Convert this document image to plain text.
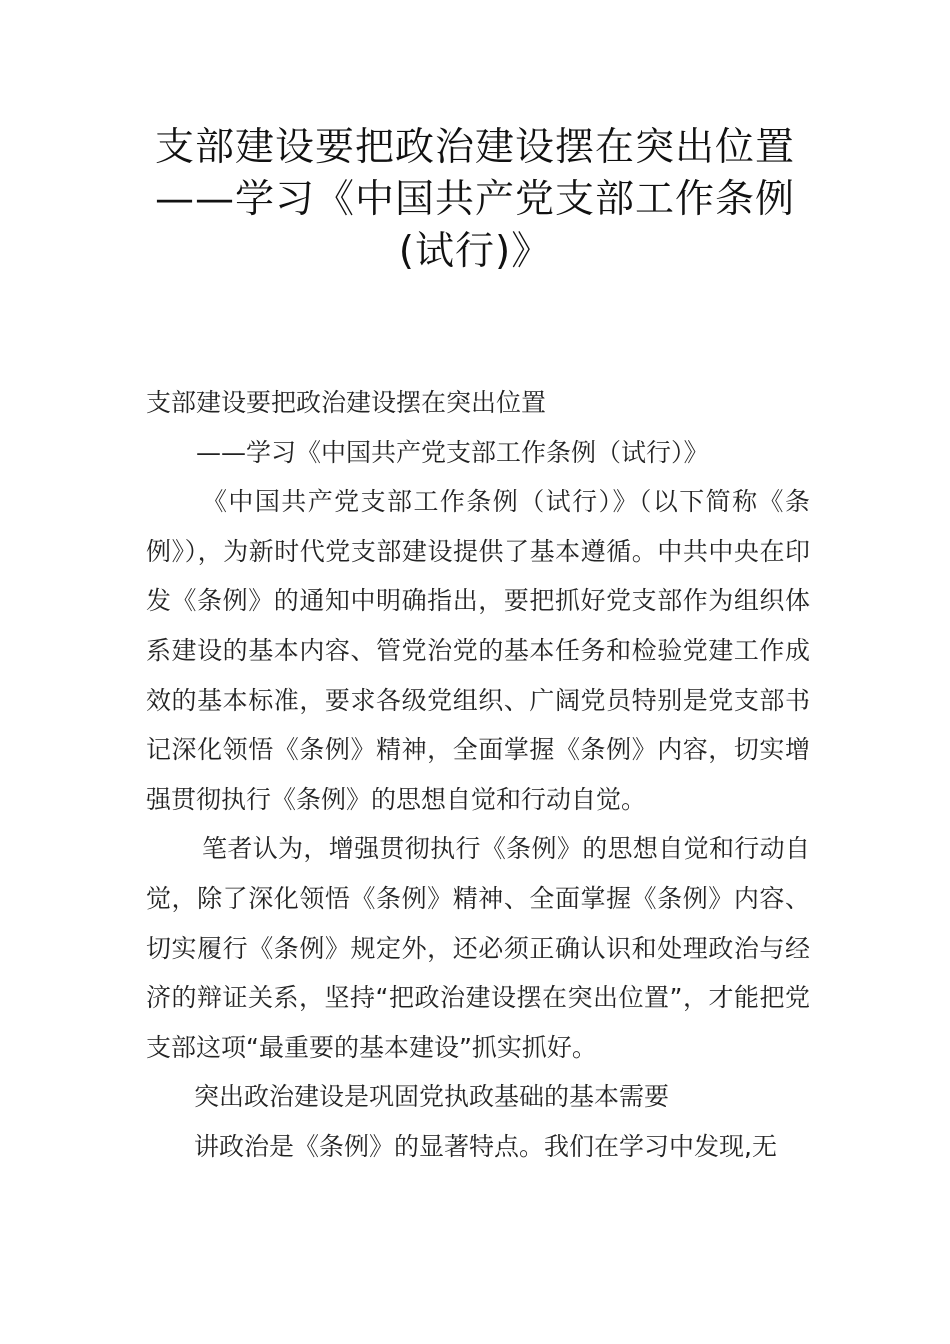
支部建设要把政治建设摆在突出位置——学习《中国共产党支部工作条例(试行)》
支部建设要把政治建设摆在突出位置
——学习《中国共产党支部工作条例（试行）》

《中国共产党支部工作条例（试行）》（以下简称《条例》），为新时代党支部建设提供了基本遵循。中共中央在印发《条例》的通知中明确指出，要把抓好党支部作为组织体系建设的基本内容、管党治党的基本任务和检验党建工作成效的基本标准，要求各级党组织、广阔党员特别是党支部书记深化领悟《条例》精神，全面掌握《条例》内容，切实增强贯彻执行《条例》的思想自觉和行动自觉。

笔者认为，增强贯彻执行《条例》的思想自觉和行动自觉，除了深化领悟《条例》精神、全面掌握《条例》内容、切实履行《条例》规定外，还必须正确认识和处理政治与经济的辩证关系，坚持“把政治建设摆在突出位置”，才能把党支部这项“最重要的基本建设”抓实抓好。

突出政治建设是巩固党执政基础的基本需要
讲政治是《条例》的显著特点。我们在学习中发现,无
